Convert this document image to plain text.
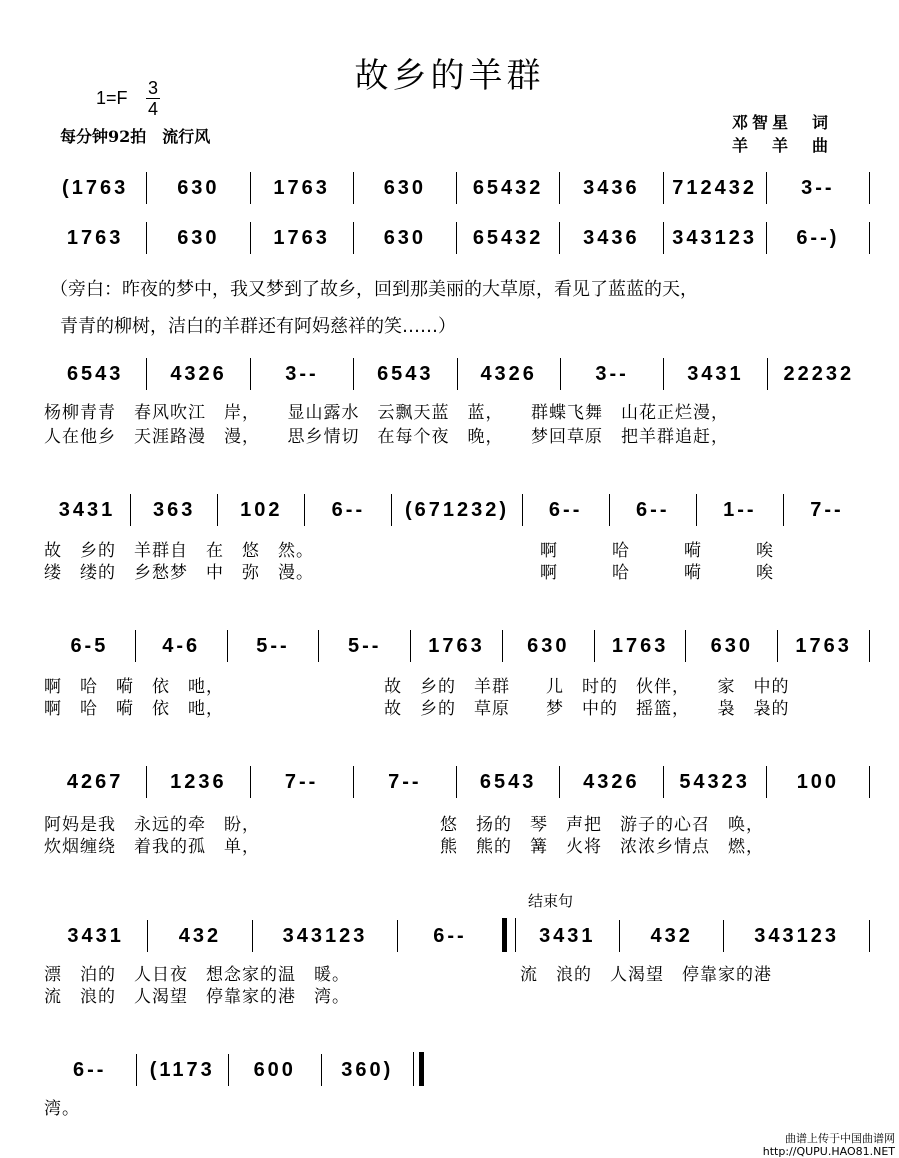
故乡的羊群
1=F 3
4
每分钟92拍　流行风
邓智星　词
羊　羊　曲
(1763	630	1763	630	65432	3436	712432	3--
1763	630	1763	630	65432	3436	343123	6--)
（旁白：昨夜的梦中，我又梦到了故乡，回到那美丽的大草原，看见了蓝蓝的天，
青青的柳树，洁白的羊群还有阿妈慈祥的笑……）
6543	4326	3--	6543	4326	3--	3431	22232
杨柳青青　春风吹江　岸，　　显山露水　云飘天蓝　蓝，　　群蝶飞舞　山花正烂漫，
人在他乡　天涯路漫　漫，　　思乡情切　在每个夜　晚，　　梦回草原　把羊群追赶，
3431	363	102	6--	(671232)	6--	6--	1--	7--
故　乡的　羊群自　在　悠　然。
缕　缕的　乡愁梦　中　弥　漫。
啊　　　哈　　　嗬　　　唉
啊　　　哈　　　嗬　　　唉
6-5	4-6	5--	5--	1763	630	1763	630	1763
啊　哈　嗬　依　吔，
啊　哈　嗬　依　吔，
故　乡的　羊群　　儿　时的　伙伴，　　家　中的
故　乡的　草原　　梦　中的　摇篮，　　袅　袅的
4267	1236	7--	7--	6543	4326	54323	100
阿妈是我　永远的牵　盼，
炊烟缠绕　着我的孤　单，
悠　扬的　琴　声把　游子的心召　唤，
熊　熊的　篝　火将　浓浓乡情点　燃，
结束句
3431	432	343123	6--	3431	432	343123
漂　泊的　人日夜　想念家的温　暖。
流　浪的　人渴望　停靠家的港　湾。
流　浪的　人渴望　停靠家的港
6--	(1173	600	360)
湾。
曲谱上传于中国曲谱网
http://QUPU.HAO81.NET
